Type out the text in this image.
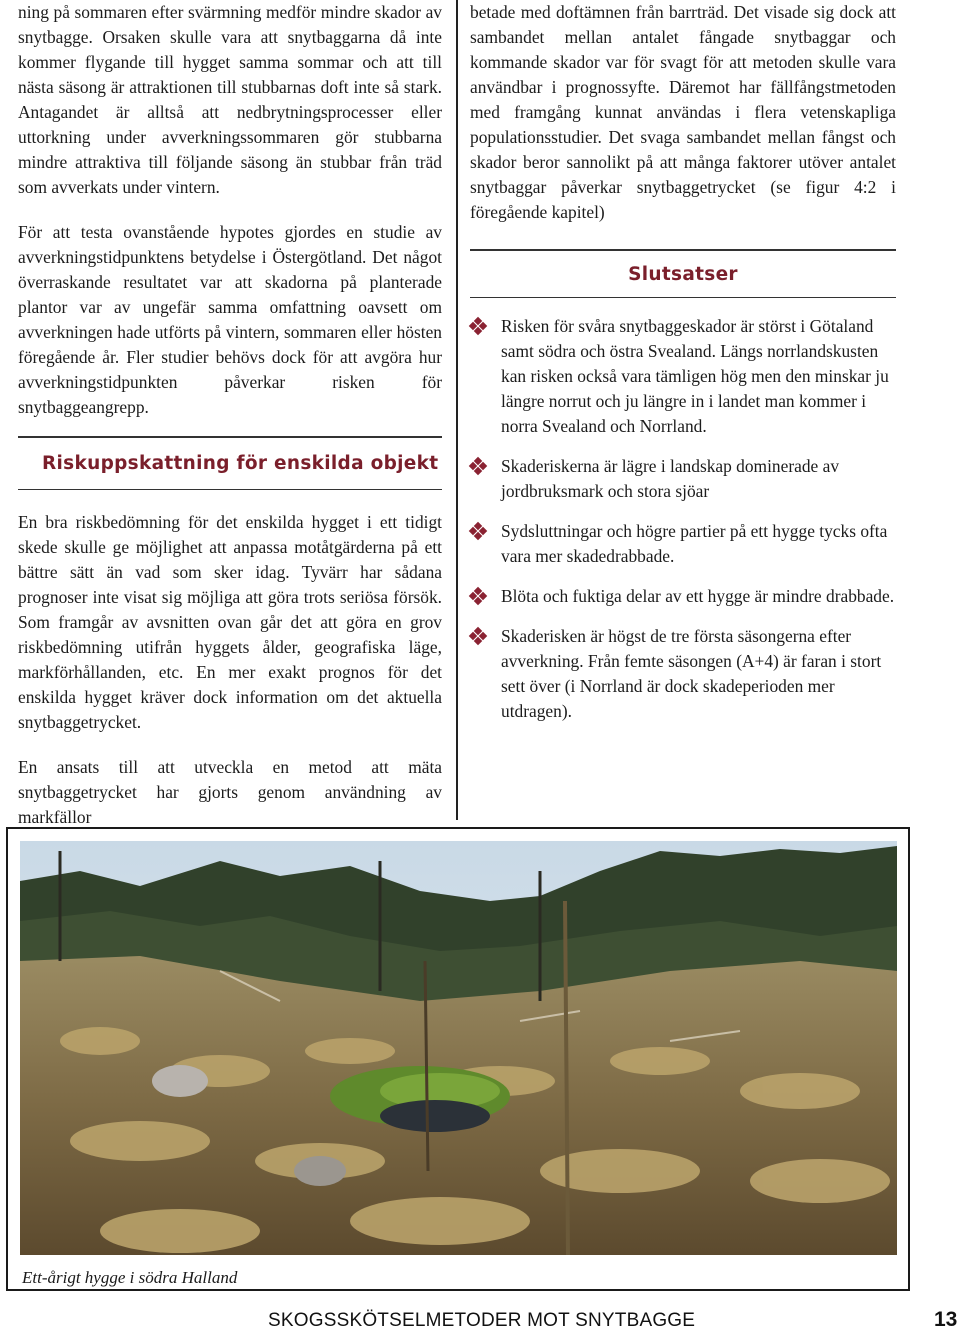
ning på sommaren efter svärmning medför mindre skador av snytbagge. Orsaken skulle vara att snytbaggarna då inte kommer flygande till hygget samma sommar och att till nästa säsong är attraktionen till stubbarnas doft inte så stark. Antagandet är alltså att nedbrytningsprocesser eller uttorkning under avverkningssommaren gör stubbarna mindre attraktiva till följande säsong än stubbar från träd som avverkats under vintern.

För att testa ovanstående hypotes gjordes en studie av avverkningstidpunktens betydelse i Östergötland. Det något överraskande resultatet var att skadorna på planterade plantor var av ungefär samma omfattning oavsett om avverkningen hade utförts på vintern, sommaren eller hösten föregående år. Fler studier behövs dock för att avgöra hur avverkningstidpunkten påverkar risken för snytbaggeangrepp.

Riskuppskattning för enskilda objekt

En bra riskbedömning för det enskilda hygget i ett tidigt skede skulle ge möjlighet att anpassa motåtgärderna på ett bättre sätt än vad som sker idag. Tyvärr har sådana prognoser inte visat sig möjliga att göra trots seriösa försök. Som framgår av avsnitten ovan går det att göra en grov riskbedömning utifrån hyggets ålder, geografiska läge, markförhållanden, etc. En mer exakt prognos för det enskilda hygget kräver dock information om det aktuella snytbaggetrycket.

En ansats till att utveckla en metod att mäta snytbaggetrycket har gjorts genom användning av markfällor

betade med doftämnen från barrträd. Det visade sig dock att sambandet mellan antalet fångade snytbaggar och kommande skador var för svagt för att metoden skulle vara användbar i prognossyfte. Däremot har fällfångstmetoden med framgång kunnat användas i flera vetenskapliga populationsstudier. Det svaga sambandet mellan fångst och skador beror sannolikt på att många faktorer utöver antalet snytbaggar påverkar snytbaggetrycket (se figur 4:2 i föregående kapitel)

Slutsatser
Risken för svåra snytbaggeskador är störst i Götaland samt södra och östra Svealand. Längs norrlandskusten kan risken också vara tämligen hög men den minskar ju längre norrut och ju längre in i landet man kommer i norra Svealand och Norrland.
Skaderiskerna är lägre i landskap dominerade av jordbruksmark och stora sjöar
Sydsluttningar och högre partier på ett hygge tycks ofta vara mer skadedrabbade.
Blöta och fuktiga delar av ett hygge är mindre drabbade.
Skaderisken är högst de tre första säsongerna efter avverkning. Från femte säsongen (A+4) är faran i stort sett över (i Norrland är dock skadeperioden mer utdragen).
Ett-årigt hygge i södra Halland
SKOGSSKÖTSELMETODER MOT SNYTBAGGE	13
